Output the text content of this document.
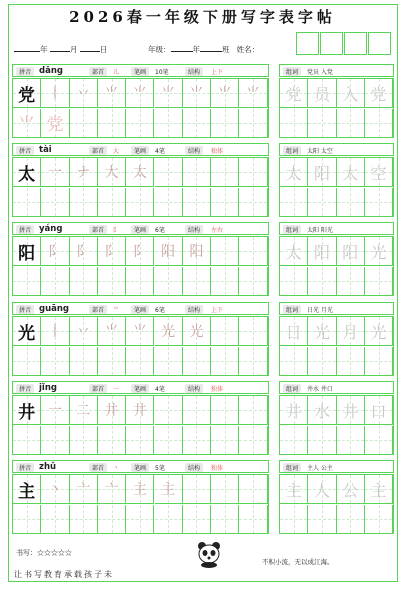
2026春一年级下册写字表字帖
年	月	日	年级：	年	班 姓名：
拼音 dǎng	部首	儿	笔画	10笔	结构	上下	组词	党员 入党
党 丨 丷 ⺌ ⺌ ⺌ ⺌ ⺌ ⺌
⺌ 党
党 员 入 党
拼音 tài	部首	大	笔画	4笔	结构	独体	组词	太阳 太空
太 一 ナ 大 太	太 阳 太 空
拼音 yáng	部首	阝	笔画	6笔	结构	左右	组词	太阳 阳光
阳 阝 阝 阝 阝 阳 阳	太 阳 阳 光
拼音 guāng	部首	⺌	笔画	6笔	结构	上下	组词	日光 月光
光 丨 丷 ⺌ ⺌ 光 光	日 光 月 光
拼音 jǐng	部首	一	笔画	4笔	结构	独体	组词	井水 井口
井 一 二 井 井	井 水 井 口
拼音 zhǔ	部首	丶	笔画	5笔	结构	独体	组词	主人 公主
主 丶 亠 亠 主 主	主 人 公 主
书写：☆☆☆☆☆
不积小流，无以成江海。
让书写教育承载孩子未
